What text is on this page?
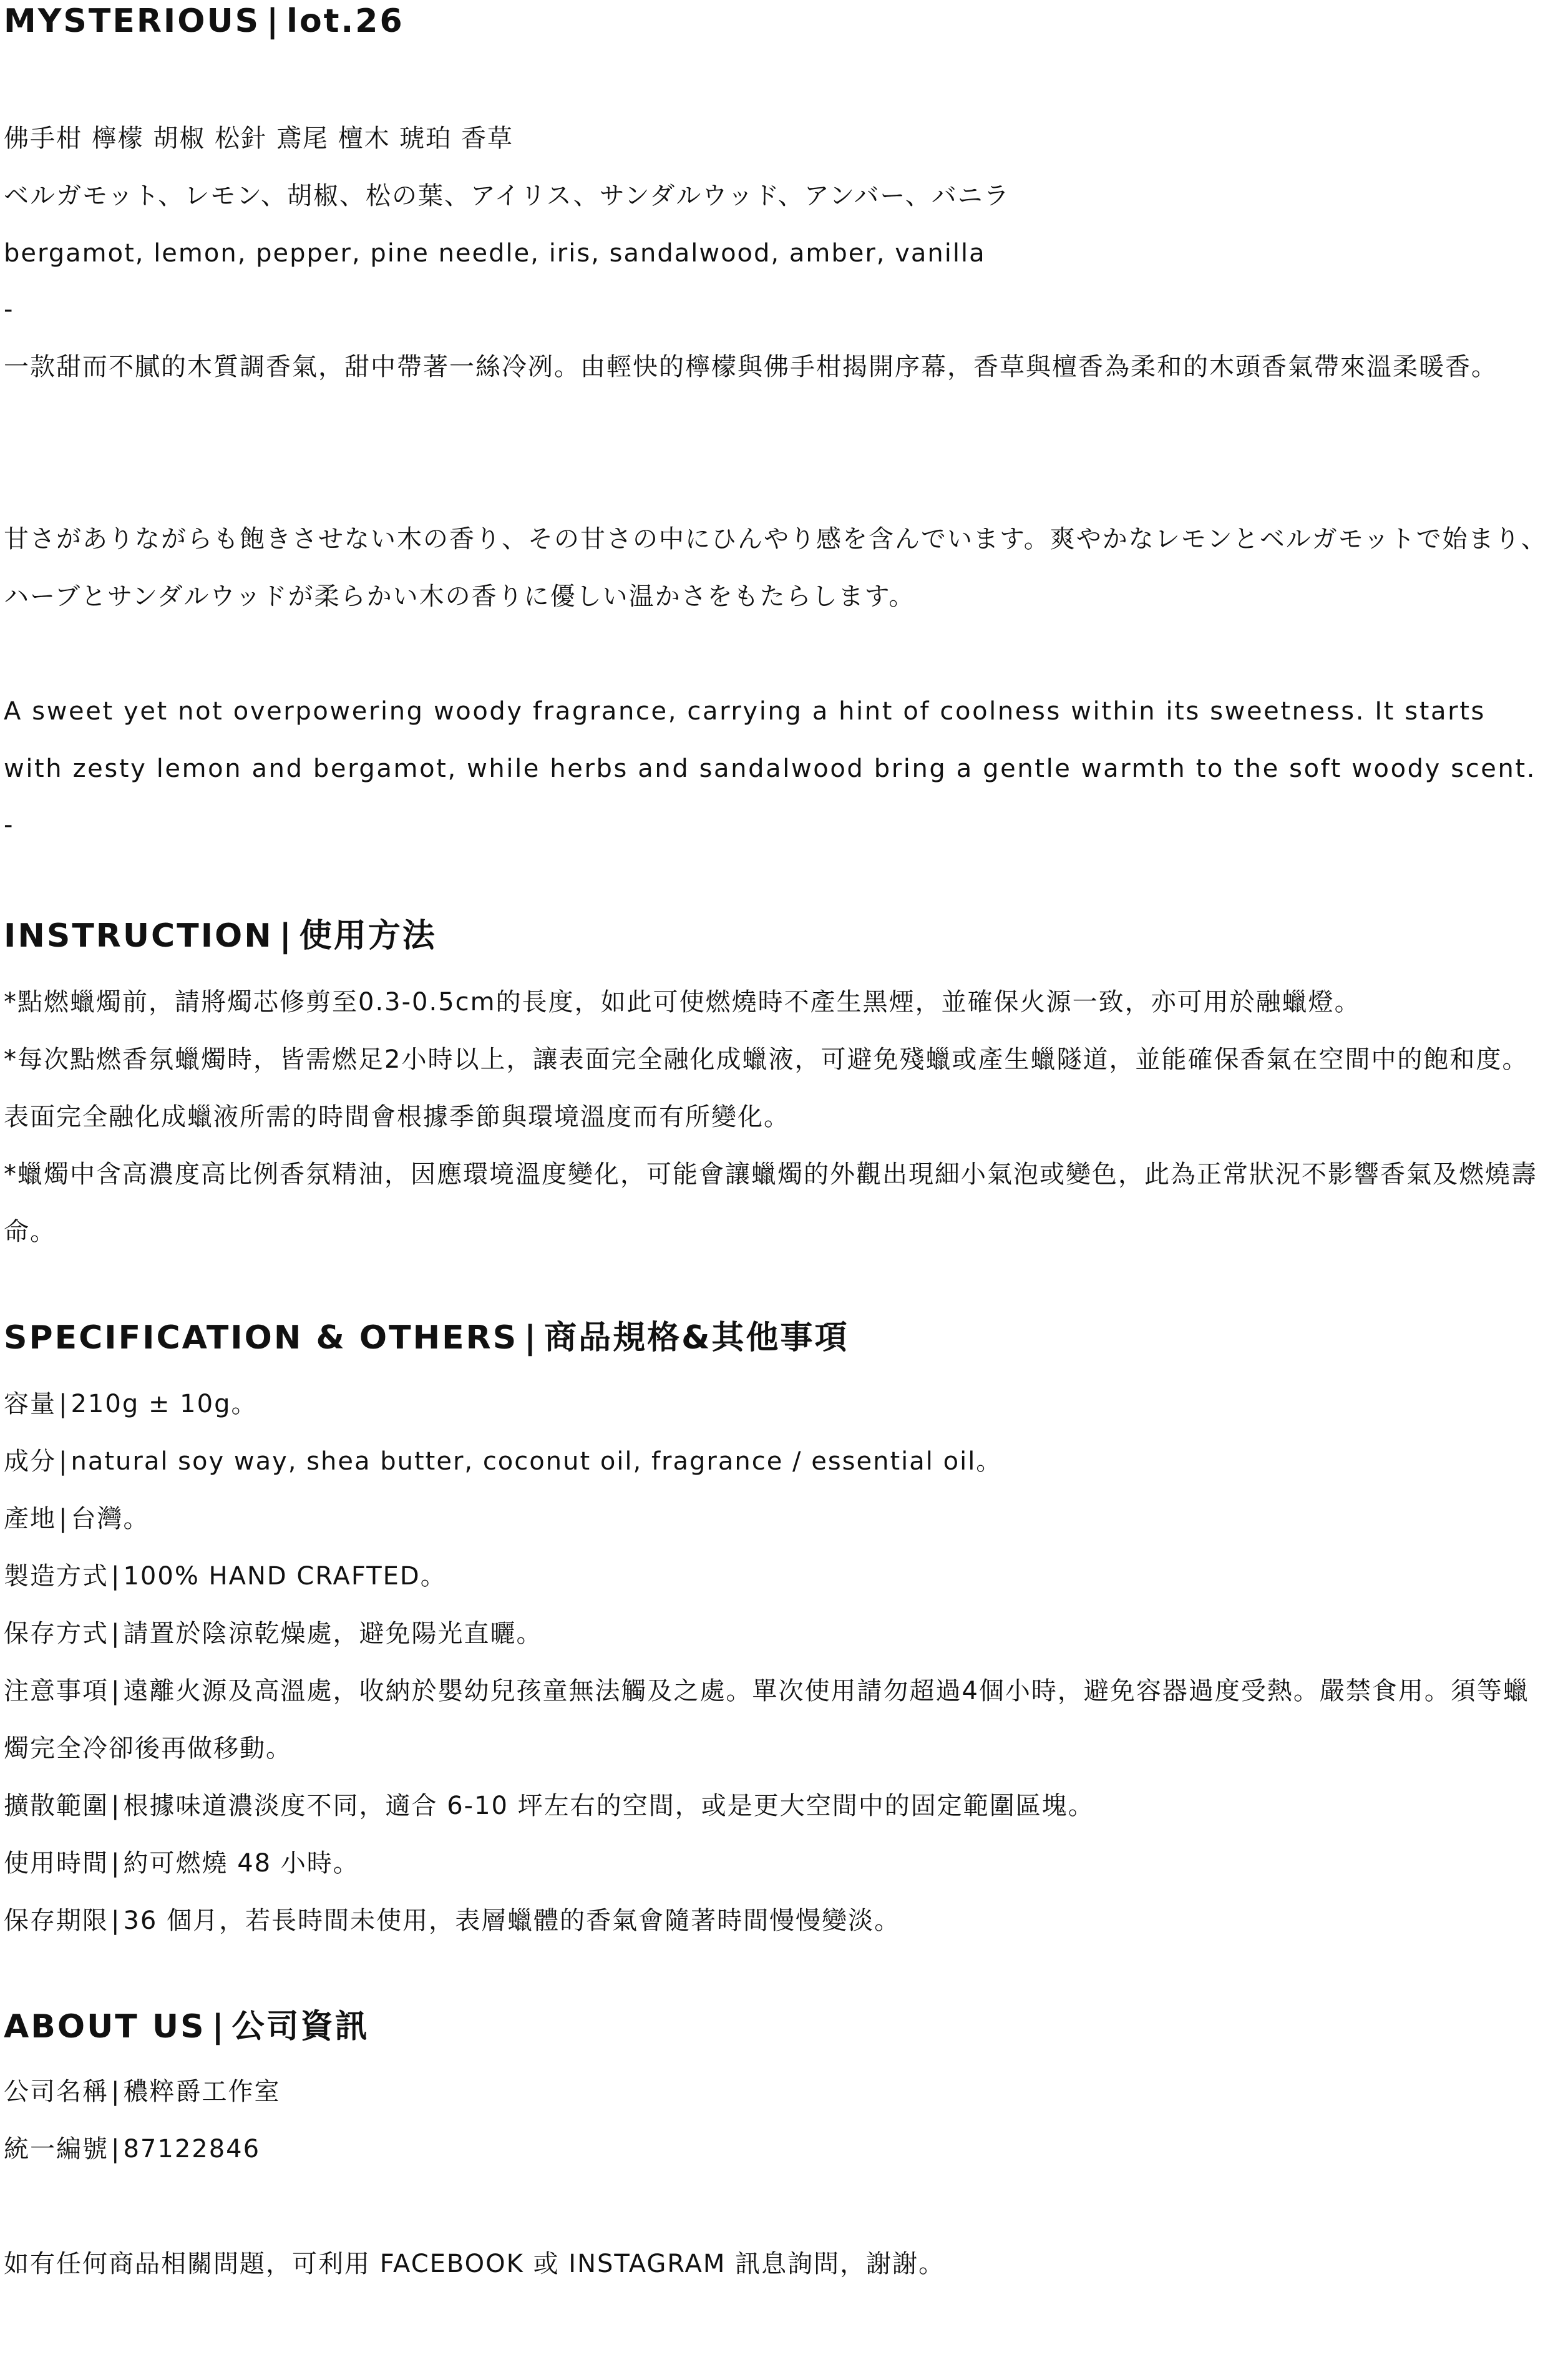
MYSTERIOUS | lot.26
佛手柑 檸檬 胡椒 松針 鳶尾 檀木 琥珀 香草
ベルガモット、レモン、胡椒、松の葉、アイリス、サンダルウッド、アンバー、バニラ
bergamot, lemon, pepper, pine needle, iris, sandalwood, amber, vanilla
-
一款甜而不膩的木質調香氣，甜中帶著一絲冷冽。由輕快的檸檬與佛手柑揭開序幕，香草與檀香為柔和的木頭香氣帶來溫柔暖香。
甘さがありながらも飽きさせない木の香り、その甘さの中にひんやり感を含んでいます。爽やかなレモンとベルガモットで始まり、ハーブとサンダルウッドが柔らかい木の香りに優しい温かさをもたらします。
A sweet yet not overpowering woody fragrance, carrying a hint of coolness within its sweetness. It starts with zesty lemon and bergamot, while herbs and sandalwood bring a gentle warmth to the soft woody scent.
-
INSTRUCTION | 使用方法
*點燃蠟燭前，請將燭芯修剪至0.3-0.5cm的長度，如此可使燃燒時不產生黑煙，並確保火源一致，亦可用於融蠟燈。
*每次點燃香氛蠟燭時，皆需燃足2小時以上，讓表面完全融化成蠟液，可避免殘蠟或產生蠟隧道，並能確保香氣在空間中的飽和度。表面完全融化成蠟液所需的時間會根據季節與環境溫度而有所變化。
*蠟燭中含高濃度高比例香氛精油，因應環境溫度變化，可能會讓蠟燭的外觀出現細小氣泡或變色，此為正常狀況不影響香氣及燃燒壽命。
SPECIFICATION & OTHERS | 商品規格&其他事項
容量 | 210g ± 10g。
成分 | natural soy way, shea butter, coconut oil, fragrance / essential oil。
產地 | 台灣。
製造方式 | 100% HAND CRAFTED。
保存方式 | 請置於陰涼乾燥處，避免陽光直曬。
注意事項 | 遠離火源及高溫處，收納於嬰幼兒孩童無法觸及之處。單次使用請勿超過4個小時，避免容器過度受熱。嚴禁食用。須等蠟燭完全冷卻後再做移動。
擴散範圍 | 根據味道濃淡度不同，適合 6-10 坪左右的空間，或是更大空間中的固定範圍區塊。
使用時間 | 約可燃燒 48 小時。
保存期限 | 36 個月，若長時間未使用，表層蠟體的香氣會隨著時間慢慢變淡。
ABOUT US | 公司資訊
公司名稱 | 穠粹爵工作室
統一編號 | 87122846
如有任何商品相關問題，可利用 FACEBOOK 或 INSTAGRAM 訊息詢問，謝謝。
